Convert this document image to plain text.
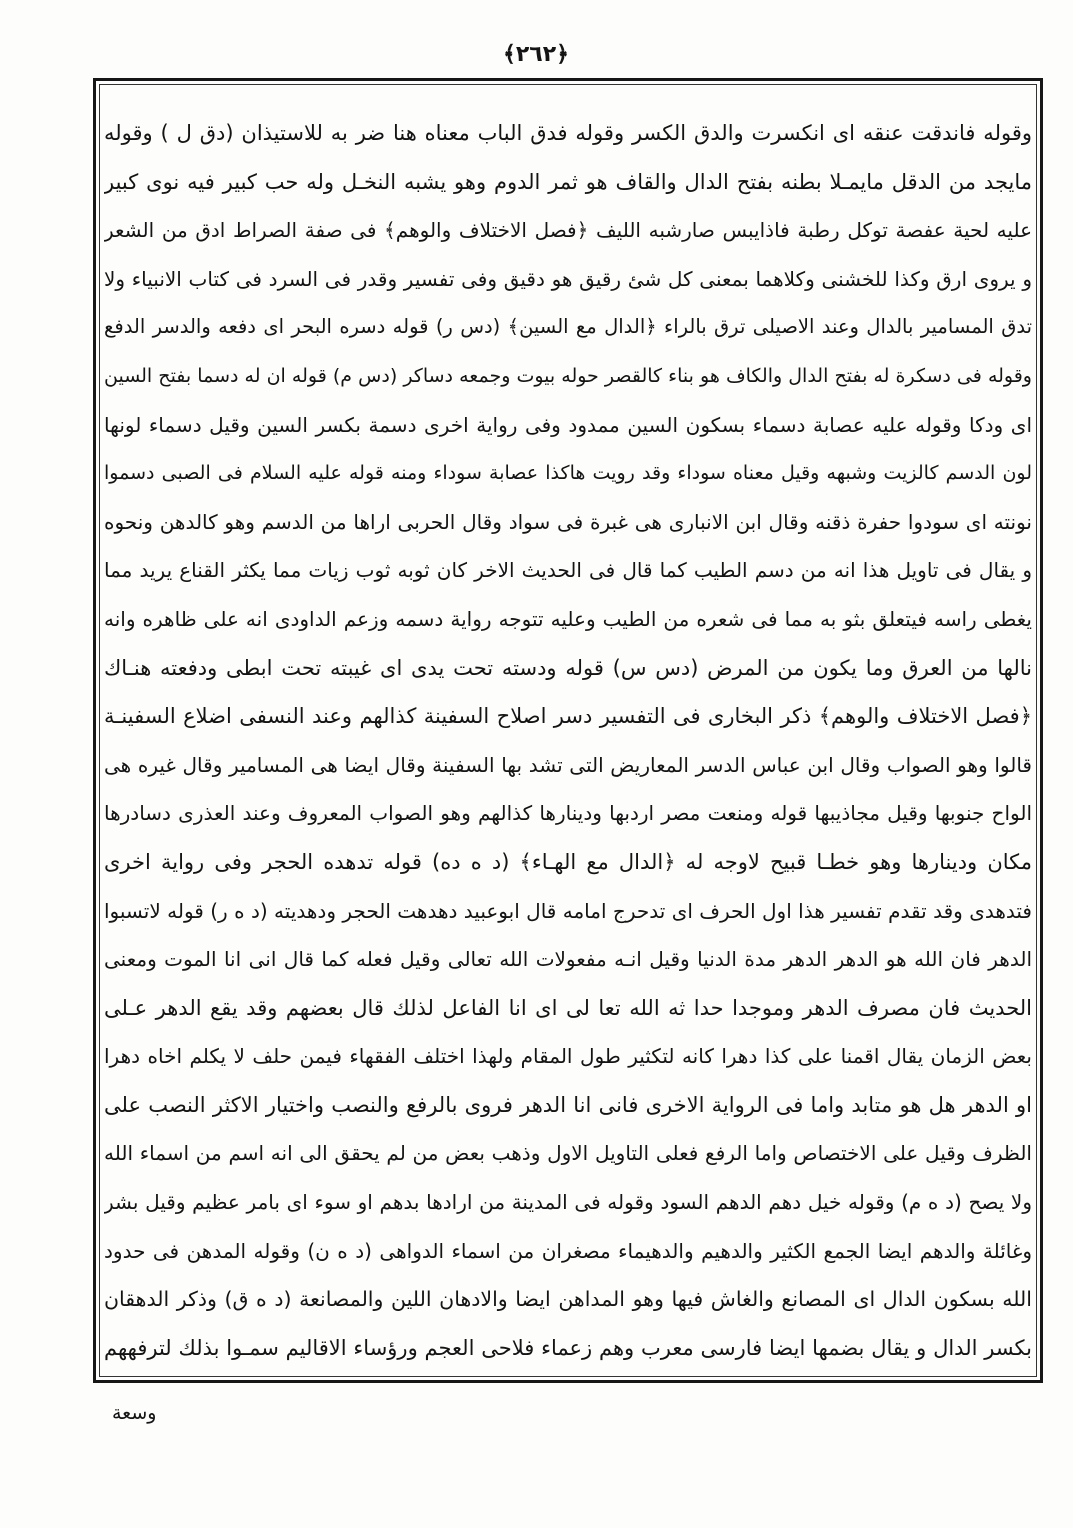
﴿٢٦٢﴾
وقوله فاندقت عنقه اى انكسرت والدق الكسر وقوله فدق الباب معناه هنا ضر به للاستيذان (دق ل ) وقوله
مايجد من الدقل مايمـلا بطنه بفتح الدال والقاف هو ثمر الدوم وهو يشبه النخـل وله حب كبير فيه نوى كبير
عليه لحية عفصة توكل رطبة فاذايبس صارشبه الليف ﴿فصل الاختلاف والوهم﴾ فى صفة الصراط ادق من الشعر
و يروى ارق وكذا للخشنى وكلاهما بمعنى كل شئ رقيق هو دقيق وفى تفسير وقدر فى السرد فى كتاب الانبياء ولا
تدق المسامير بالدال وعند الاصيلى ترق بالراء ﴿الدال مع السين﴾ (دس ر) قوله دسره البحر اى دفعه والدسر الدفع
وقوله فى دسكرة له بفتح الدال والكاف هو بناء كالقصر حوله بيوت وجمعه دساكر (دس م) قوله ان له دسما بفتح السين
اى ودكا وقوله عليه عصابة دسماء بسكون السين ممدود وفى رواية اخرى دسمة بكسر السين وقيل دسماء لونها
لون الدسم كالزيت وشبهه وقيل معناه سوداء وقد رويت هاكذا عصابة سوداء ومنه قوله عليه السلام فى الصبى دسموا
نونته اى سودوا حفرة ذقنه وقال ابن الانبارى هى غبرة فى سواد وقال الحربى اراها من الدسم وهو كالدهن ونحوه
و يقال فى تاويل هذا انه من دسم الطيب كما قال فى الحديث الاخر كان ثوبه ثوب زيات مما يكثر القناع يريد مما
يغطى راسه فيتعلق بثو به مما فى شعره من الطيب وعليه تتوجه رواية دسمه وزعم الداودى انه على ظاهره وانه
نالها من العرق وما يكون من المرض (دس س) قوله ودسته تحت يدى اى غيبته تحت ابطى ودفعته هنـاك
﴿فصل الاختلاف والوهم﴾ ذكر البخارى فى التفسير دسر اصلاح السفينة كذالهم وعند النسفى اضلاع السفينـة
قالوا وهو الصواب وقال ابن عباس الدسر المعاريض التى تشد بها السفينة وقال ايضا هى المسامير وقال غيره هى
الواح جنوبها وقيل مجاذيبها قوله ومنعت مصر اردبها ودينارها كذالهم وهو الصواب المعروف وعند العذرى دسادرها
مكان ودينارها وهو خطـا قبيح لاوجه له ﴿الدال مع الهـاء﴾ (د ه ده) قوله تدهده الحجر وفى رواية اخرى
فتدهدى وقد تقدم تفسير هذا اول الحرف اى تدحرج امامه قال ابوعبيد دهدهت الحجر ودهديته (د ه ر) قوله لاتسبوا
الدهر فان الله هو الدهر الدهر مدة الدنيا وقيل انـه مفعولات الله تعالى وقيل فعله كما قال انى انا الموت ومعنى
الحديث فان مصرف الدهر وموجدا حدا ثه الله تعا لى اى انا الفاعل لذلك قال بعضهم وقد يقع الدهر عـلى
بعض الزمان يقال اقمنا على كذا دهرا كانه لتكثير طول المقام ولهذا اختلف الفقهاء فيمن حلف لا يكلم اخاه دهرا
او الدهر هل هو متابد واما فى الرواية الاخرى فانى انا الدهر فروى بالرفع والنصب واختيار الاكثر النصب على
الظرف وقيل على الاختصاص واما الرفع فعلى التاويل الاول وذهب بعض من لم يحقق الى انه اسم من اسماء الله
ولا يصح (د ه م) وقوله خيل دهم الدهم السود وقوله فى المدينة من ارادها بدهم او سوء اى بامر عظيم وقيل بشر
وغائلة والدهم ايضا الجمع الكثير والدهيم والدهيماء مصغران من اسماء الدواهى (د ه ن) وقوله المدهن فى حدود
الله بسكون الدال اى المصانع والغاش فيها وهو المداهن ايضا والادهان اللين والمصانعة (د ه ق) وذكر الدهقان
بكسر الدال و يقال بضمها ايضا فارسى معرب وهم زعماء فلاحى العجم ورؤساء الاقاليم سمـوا بذلك لترفههم
وسعة
